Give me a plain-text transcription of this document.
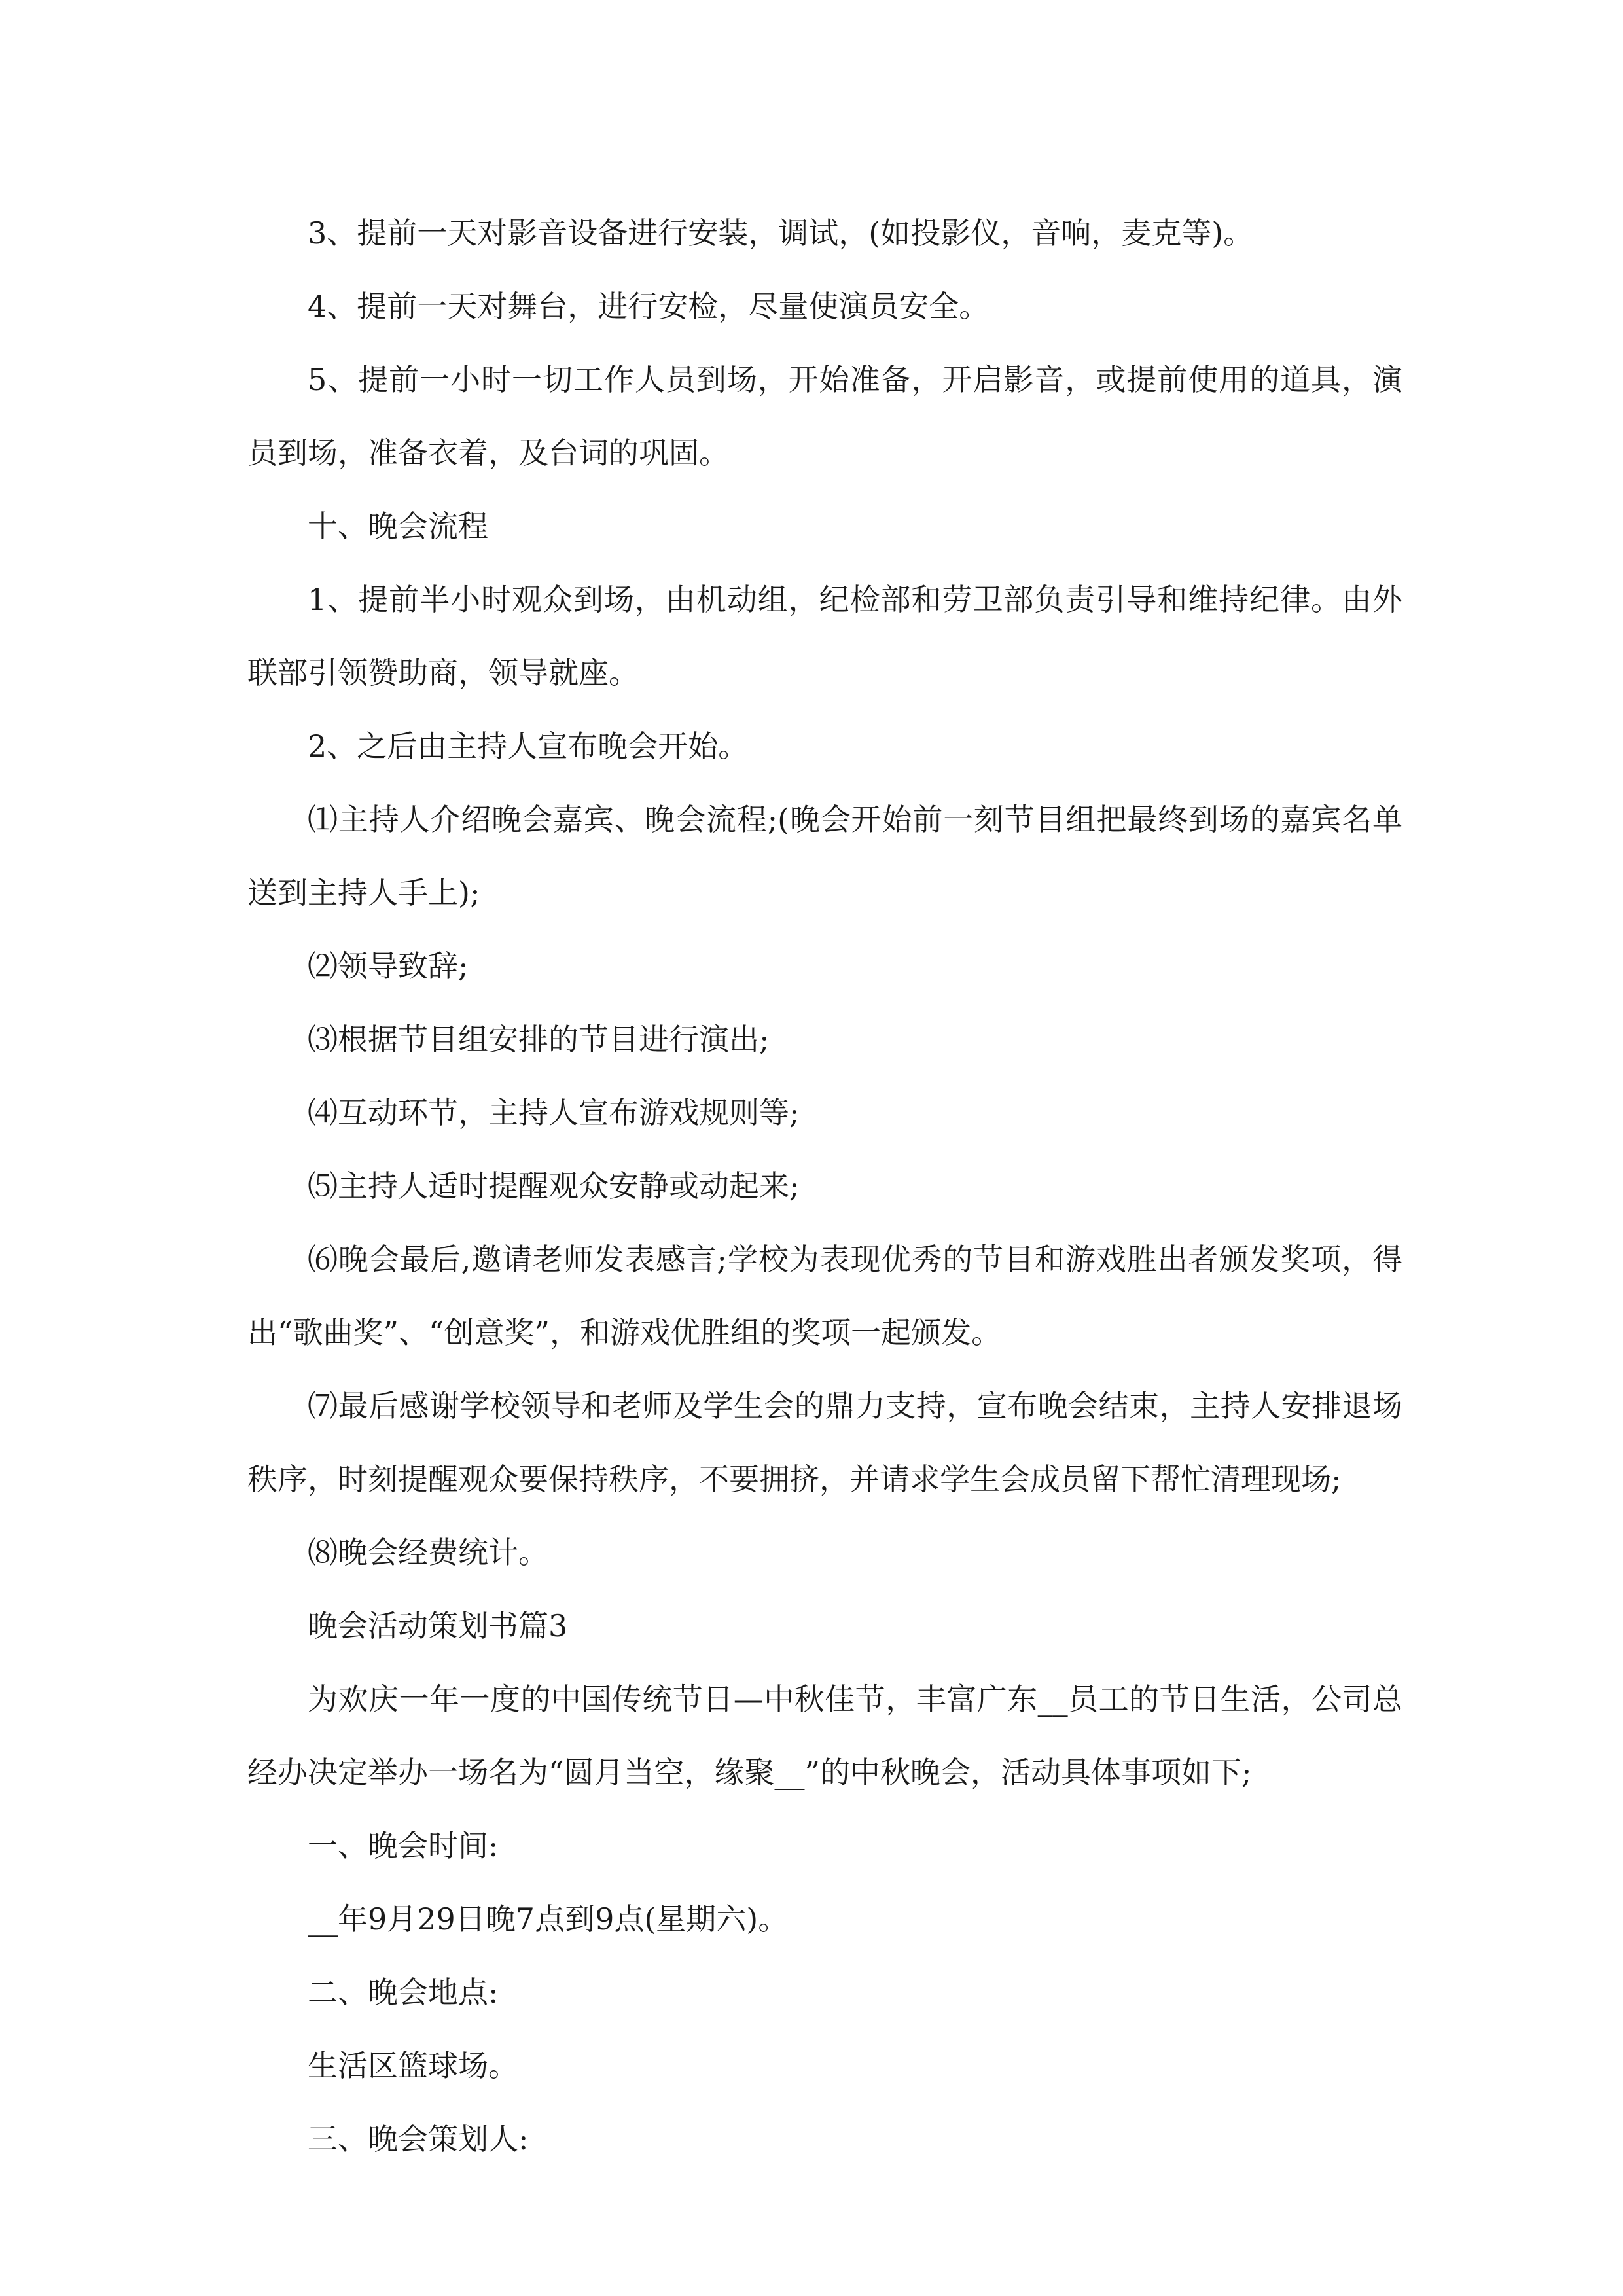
3、提前一天对影音设备进行安装，调试，(如投影仪，音响，麦克等)。

4、提前一天对舞台，进行安检，尽量使演员安全。

5、提前一小时一切工作人员到场，开始准备，开启影音，或提前使用的道具，演员到场，准备衣着，及台词的巩固。

十、晚会流程

1、提前半小时观众到场，由机动组，纪检部和劳卫部负责引导和维持纪律。由外联部引领赞助商，领导就座。

2、之后由主持人宣布晚会开始。

⑴主持人介绍晚会嘉宾、晚会流程;(晚会开始前一刻节目组把最终到场的嘉宾名单送到主持人手上);

⑵领导致辞;

⑶根据节目组安排的节目进行演出;

⑷互动环节，主持人宣布游戏规则等;

⑸主持人适时提醒观众安静或动起来;

⑹晚会最后,邀请老师发表感言;学校为表现优秀的节目和游戏胜出者颁发奖项，得出“歌曲奖”、“创意奖”，和游戏优胜组的奖项一起颁发。

⑺最后感谢学校领导和老师及学生会的鼎力支持，宣布晚会结束，主持人安排退场秩序，时刻提醒观众要保持秩序，不要拥挤，并请求学生会成员留下帮忙清理现场;

⑻晚会经费统计。

晚会活动策划书篇3

为欢庆一年一度的中国传统节日—中秋佳节，丰富广东__员工的节日生活，公司总经办决定举办一场名为“圆月当空，缘聚__”的中秋晚会，活动具体事项如下;

一、晚会时间:

__年9月29日晚7点到9点(星期六)。

二、晚会地点:

生活区篮球场。

三、晚会策划人:
